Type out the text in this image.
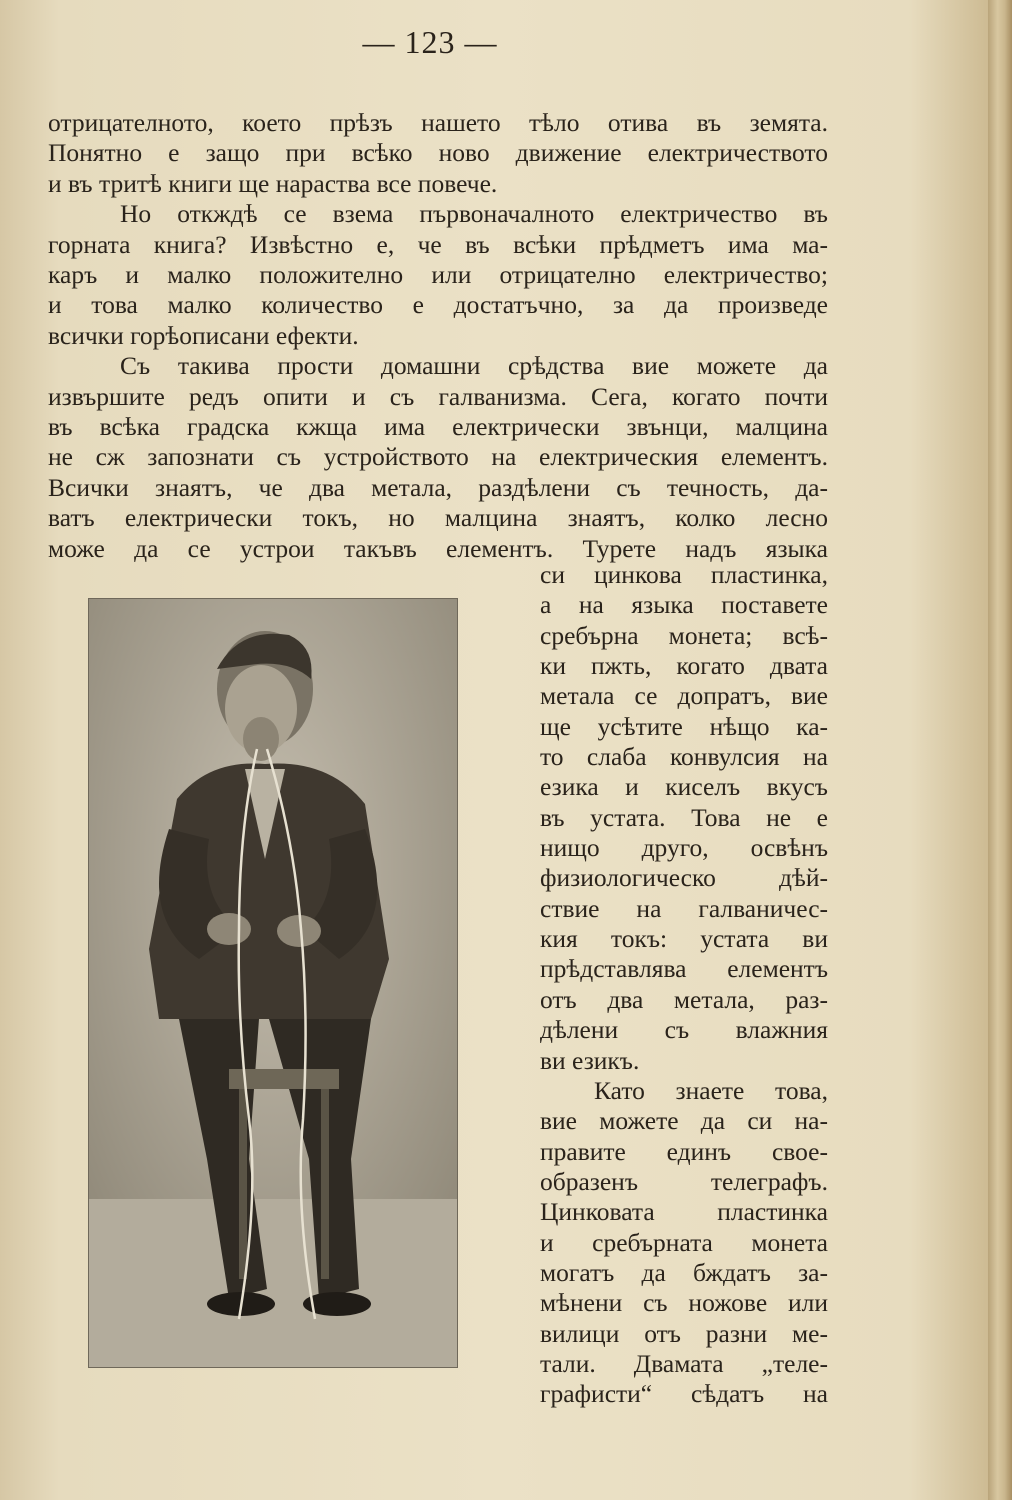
— 123 —

отрицателното, което прѣзъ нашето тѣло отива въ земята.

Понятно е защо при всѣко ново движение електричеството

и въ тритѣ книги ще нараства все повече.

Но откждѣ се взема първоначалното електричество въ

горната книга? Извѣстно е, че въ всѣки прѣдметъ има ма-

каръ и малко положително или отрицателно електричество;

и това малко количество е достатъчно, за да произведе

всички горѣописани ефекти.

Съ такива прости домашни срѣдства вие можете да

извършите редъ опити и съ галванизма. Сега, когато почти

въ всѣка градска кжща има електрически звънци, малцина

не сж запознати съ устройството на електрическия елементъ.

Всички знаятъ, че два метала, раздѣлени съ течность, да-

ватъ електрически токъ, но малцина знаятъ, колко лесно

може да се устрои такъвъ елементъ. Турете надъ языка

си цинкова пластинка,

а на языка поставете

сребърна монета; всѣ-

ки пжть, когато двата

метала се допратъ, вие

ще усѣтите нѣщо ка-

то слаба конвулсия на

езика и киселъ вкусъ

въ устата. Това не е

нищо друго, освѣнъ

физиологическо дѣй-

ствие на галваничес-

кия токъ: устата ви

прѣдставлява елементъ

отъ два метала, раз-

дѣлени съ влажния

ви езикъ.

Като знаете това,

вие можете да си на-

правите единъ свое-

образенъ телеграфъ.

Цинковата пластинка

и сребърната монета

могатъ да бждатъ за-

мѣнени съ ножове или

вилици отъ разни ме-

тали. Двамата „теле-

графисти“ сѣдатъ на
